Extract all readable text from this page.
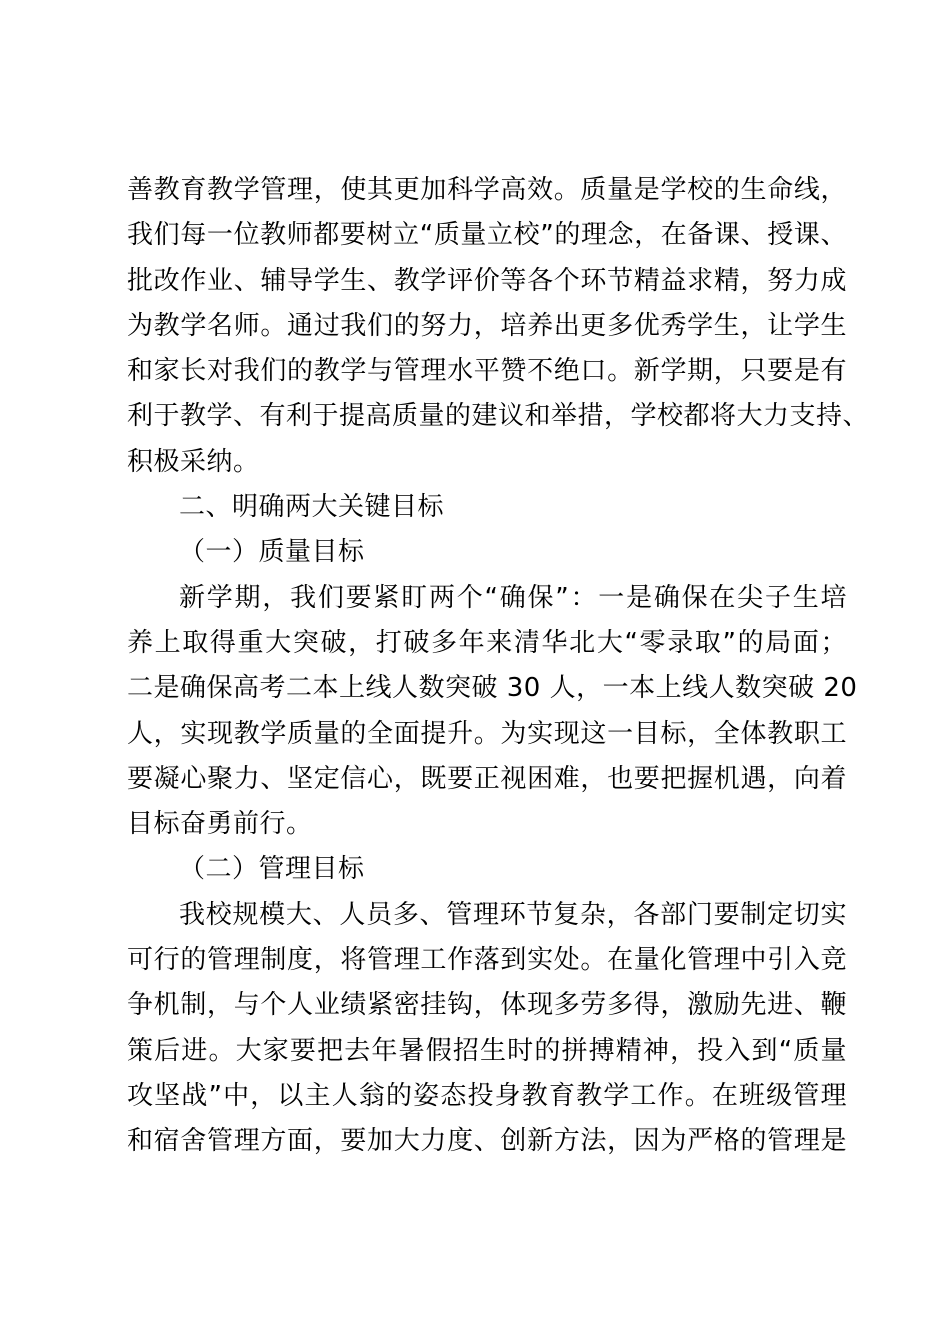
善教育教学管理，使其更加科学高效。质量是学校的生命线，
我们每一位教师都要树立“质量立校”的理念，在备课、授课、
批改作业、辅导学生、教学评价等各个环节精益求精，努力成
为教学名师。通过我们的努力，培养出更多优秀学生，让学生
和家长对我们的教学与管理水平赞不绝口。新学期，只要是有
利于教学、有利于提高质量的建议和举措，学校都将大力支持、
积极采纳。
二、明确两大关键目标
（一）质量目标
新学期，我们要紧盯两个“确保”：一是确保在尖子生培
养上取得重大突破，打破多年来清华北大“零录取”的局面；
二是确保高考二本上线人数突破 30 人，一本上线人数突破 20
人，实现教学质量的全面提升。为实现这一目标，全体教职工
要凝心聚力、坚定信心，既要正视困难，也要把握机遇，向着
目标奋勇前行。
（二）管理目标
我校规模大、人员多、管理环节复杂，各部门要制定切实
可行的管理制度，将管理工作落到实处。在量化管理中引入竞
争机制，与个人业绩紧密挂钩，体现多劳多得，激励先进、鞭
策后进。大家要把去年暑假招生时的拼搏精神，投入到“质量
攻坚战”中，以主人翁的姿态投身教育教学工作。在班级管理
和宿舍管理方面，要加大力度、创新方法，因为严格的管理是
